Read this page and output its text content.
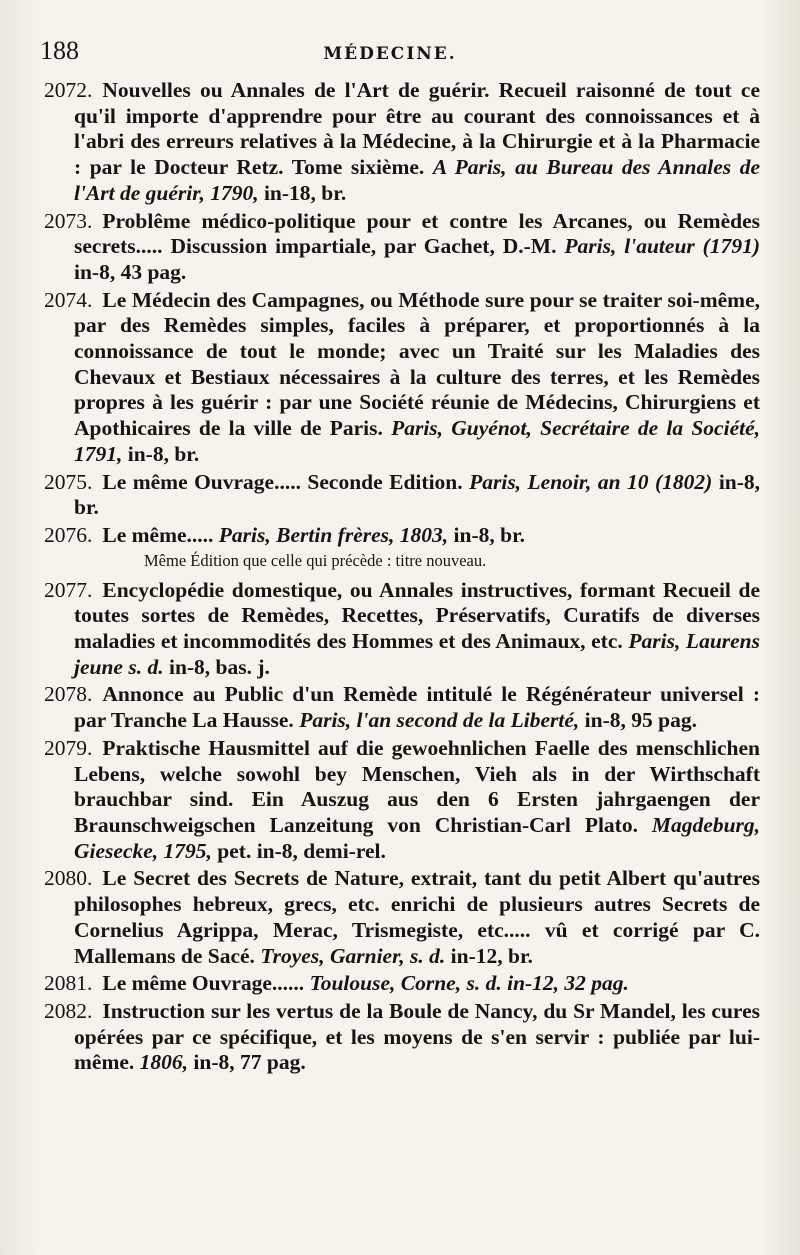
188	MÉDECINE.

2072. Nouvelles ou Annales de l'Art de guérir. Recueil raisonné de tout ce qu'il importe d'apprendre pour être au courant des connoissances et à l'abri des erreurs relatives à la Médecine, à la Chirurgie et à la Pharmacie : par le Docteur Retz. Tome sixième. A Paris, au Bureau des Annales de l'Art de guérir, 1790, in-18, br.

2073. Problême médico-politique pour et contre les Arcanes, ou Remèdes secrets..... Discussion impartiale, par Gachet, D.-M. Paris, l'auteur (1791) in-8, 43 pag.

2074. Le Médecin des Campagnes, ou Méthode sure pour se traiter soi-même, par des Remèdes simples, faciles à préparer, et proportionnés à la connoissance de tout le monde; avec un Traité sur les Maladies des Chevaux et Bestiaux nécessaires à la culture des terres, et les Remèdes propres à les guérir : par une Société réunie de Médecins, Chirurgiens et Apothicaires de la ville de Paris. Paris, Guyénot, Secrétaire de la Société, 1791, in-8, br.

2075. Le même Ouvrage..... Seconde Edition. Paris, Lenoir, an 10 (1802) in-8, br.

2076. Le même..... Paris, Bertin frères, 1803, in-8, br.

Même Édition que celle qui précède : titre nouveau.

2077. Encyclopédie domestique, ou Annales instructives, formant Recueil de toutes sortes de Remèdes, Recettes, Préservatifs, Curatifs de diverses maladies et incommodités des Hommes et des Animaux, etc. Paris, Laurens jeune s. d. in-8, bas. j.

2078. Annonce au Public d'un Remède intitulé le Régénérateur universel : par Tranche La Hausse. Paris, l'an second de la Liberté, in-8, 95 pag.

2079. Praktische Hausmittel auf die gewoehnlichen Faelle des menschlichen Lebens, welche sowohl bey Menschen, Vieh als in der Wirthschaft brauchbar sind. Ein Auszug aus den 6 Ersten jahrgaengen der Braunschweigschen Lanzeitung von Christian-Carl Plato. Magdeburg, Giesecke, 1795, pet. in-8, demi-rel.

2080. Le Secret des Secrets de Nature, extrait, tant du petit Albert qu'autres philosophes hebreux, grecs, etc. enrichi de plusieurs autres Secrets de Cornelius Agrippa, Merac, Trismegiste, etc..... vû et corrigé par C. Mallemans de Sacé. Troyes, Garnier, s. d. in-12, br.

2081. Le même Ouvrage...... Toulouse, Corne, s. d. in-12, 32 pag.

2082. Instruction sur les vertus de la Boule de Nancy, du Sr Mandel, les cures opérées par ce spécifique, et les moyens de s'en servir : publiée par lui-même. 1806, in-8, 77 pag.
